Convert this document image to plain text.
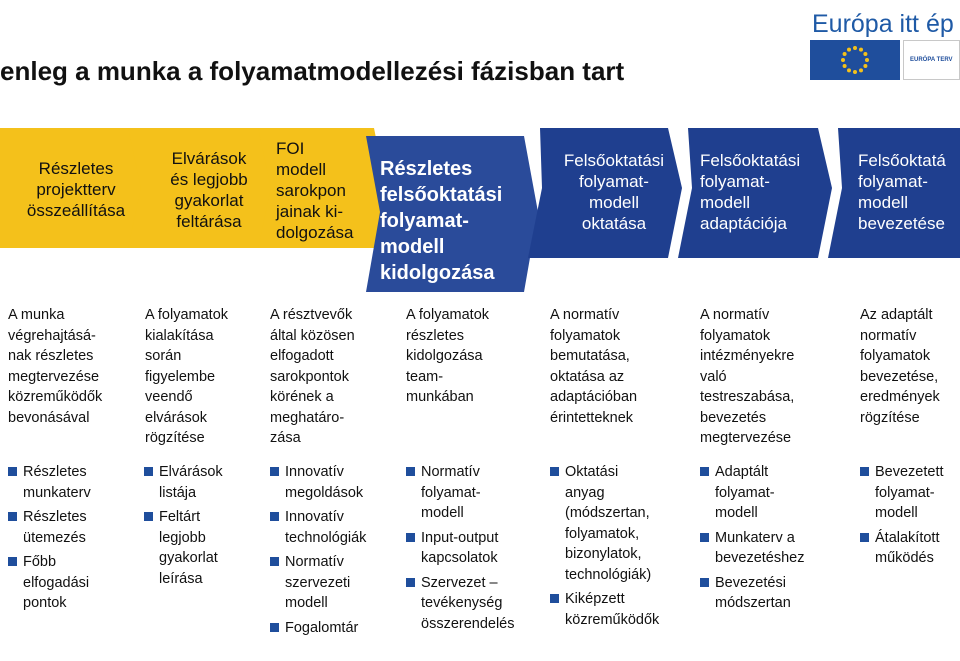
enleg a munka a folyamatmodellezési fázisban tart
Európa itt ép
EURÓPA TERV
Részletes
projektterv
összeállítása
Elvárások
és legjobb
gyakorlat
feltárása
FOI
modell
sarokpon
jainak ki-
dolgozása
Részletes
felsőoktatási
folyamat-
modell
kidolgozása
Felsőoktatási
folyamat-
modell
oktatása
Felsőoktatási
folyamat-
modell
adaptációja
Felsőoktatá
folyamat-
modell
bevezetése
A munka
végrehajtásá-
nak részletes
megtervezése
közreműködők
bevonásával
A folyamatok
kialakítása
során
figyelembe
veendő
elvárások
rögzítése
A résztvevők
által közösen
elfogadott
sarokpontok
körének a
meghatáro-
zása
A folyamatok
részletes
kidolgozása
team-
munkában
A normatív
folyamatok
bemutatása,
oktatása az
adaptációban
érintetteknek
A normatív
folyamatok
intézményekre
való
testreszabása,
bevezetés
megtervezése
Az adaptált
normatív
folyamatok
bevezetése,
eredmények
rögzítése
Részletes
munkaterv
Részletes
ütemezés
Főbb
elfogadási
pontok
Elvárások
listája
Feltárt
legjobb
gyakorlat
leírása
Innovatív
megoldások
Innovatív
technológiák
Normatív
szervezeti
modell
Fogalomtár
Normatív
folyamat-
modell
Input-output
kapcsolatok
Szervezet –
tevékenység
összerendelés
Oktatási
anyag
(módszertan,
folyamatok,
bizonylatok,
technológiák)
Kiképzett
közreműködők
Adaptált
folyamat-
modell
Munkaterv a
bevezetéshez
Bevezetési
módszertan
Bevezetett
folyamat-
modell
Átalakított
működés
